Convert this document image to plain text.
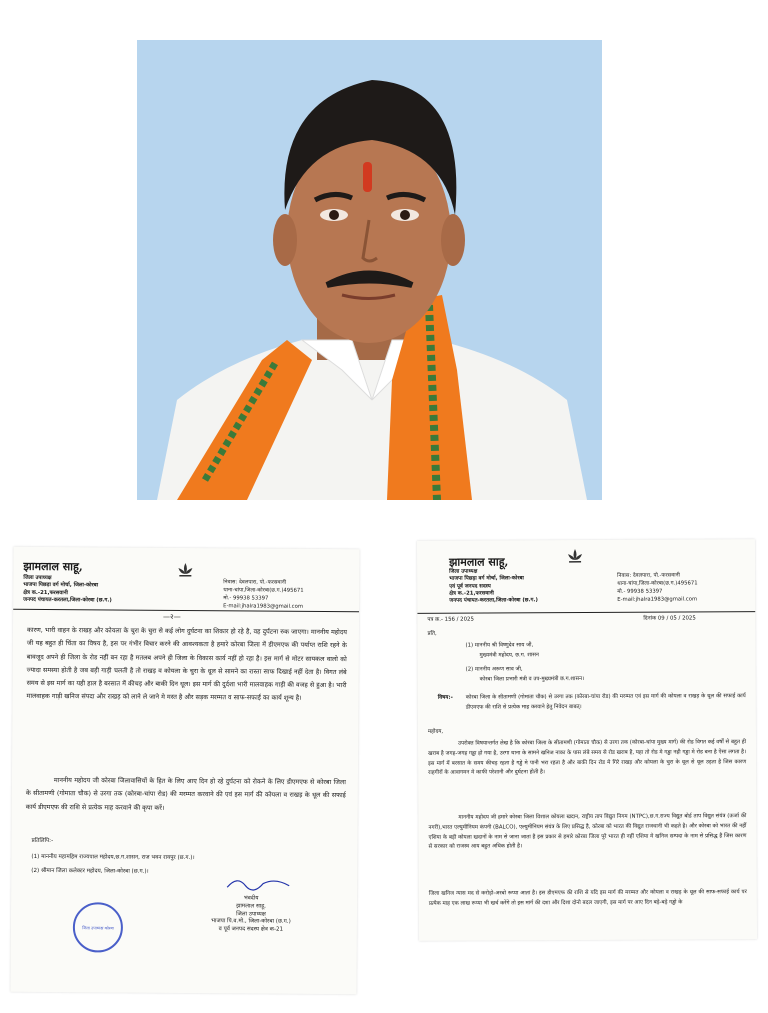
झामलाल साहू,
जिला उपाध्यक्ष
भाजपा पिछड़ा वर्ग मोर्चा, जिला-कोरबा
क्षेत्र क.-21,फरसवानी
जनपद पंचायत-करतला,जिला-कोरबा (छ.ग.)
निवास: देवलपारा, पो.-फरसवानी
थाना-चांपा,जिला-कोरबा(छ.ग.)495671
मो.- 99938 53397
E-mail:jhalra1983@gmail.com
—२—
कारण, भारी वाहन के राखड़ और कोयला के चुरा के चुरा से कई लोग दुर्घटना का शिकार हो रहे है, वह दुर्घटना रुक जाएगा। माननीय महोदय जी यह बहुत ही चिंता का विषय है, इस पर गंभीर विचार करने की आवश्यकता है हमारे कोरबा जिला में डीएमएफ की पर्याप्त राशि रहने के बावजूद अपने ही जिला के रोड नहीं बन रहा है मतलब अपने ही जिला के विकास कार्य नहीं हो रहा है। इस मार्ग से मोटर सायकल वालो को ज्यादा समस्या होती है जब बड़ी गाड़ी चलती है तो राखड़ व कोयला के चुरा के धूल से सामने का रास्ता साफ दिखाई नहीं देता है। विगत लंबे समय से इस मार्ग का यही हाल है बरसात में कीचड़ और बाकी दिन धूल। इस मार्ग की दुर्दशा भारी मालवाहक गाड़ी की वजह से हुआ है। भारी मालवाहक गाड़ी खनिज संपदा और राखड़ को लाने ले जाने मे मस्त है और सड़क मरम्मत व साफ-सफाई का कार्य शून्य है।
माननीय महोदय जी कोरबा जिलावासियों के हित के लिए आए दिन हो रहे दुर्घटना को रोकने के लिए डीएमएफ से कोरबा जिला के सीतामणी (गोमाता चौक) से उरगा तक (कोरबा-चांपा रोड) की मरम्मत करवाने की एवं इस मार्ग की कोयला व राखड़ के धूल की सफाई कार्य डीएमएफ की राशि से प्रत्येक माह करवाने की कृपा करें।
प्रतिलिपि:-
(1) माननीय महामहिम राज्यपाल महोदय,छ.ग.शासन, राज भवन रायपुर (छ.ग.)।
(2) श्रीमान जिला कलेक्टर महोदय, जिला-कोरबा (छ.ग.)।
भवदीय
झामलाल साहू,
जिला उपाध्यक्ष
भाजपा पि.व.मो., जिला-कोरबा (छ.ग.)
व पूर्व जनपद सदस्य क्षेत्र क-21
जिला उपाध्यक्ष कोरबा
झामलाल साहू,
जिला उपाध्यक्ष
भाजपा पिछड़ा वर्ग मोर्चा, जिला-कोरबा
एवं पूर्व जनपद सदस्य
क्षेत्र क.-21,फरसवानी
जनपद पंचायत-करतला,जिला-कोरबा (छ.ग.)
निवास: देवलपारा, पो.-फरसवानी
थाना-चांपा,जिला-कोरबा(छ.ग.)495671
मो.- 99938 53397
E-mail:jhalra1983@gmail.com
पत्र क्र.- 156 / 2025	दिनांक 09 / 05 / 2025
प्रति,
(1) माननीय श्री विष्णुदेव साय जी,
मुख्यमंत्री महोदय, छ.ग. शासन
(2) माननीय अरूण साव जी,
कोरबा जिला प्रभारी मंत्री व उप-मुख्यमंत्री छ.ग.शासन।
विषय:- कोरबा जिला के सीतामणी (गोमाता चौक) से उरगा तक (कोरबा-चांपा रोड) की मरम्मत एवं इस मार्ग की कोयला व राखड़ के धूल की सफाई कार्य डीएमएफ की राशि से प्रत्येक माह करवाने हेतु निवेदन बाबत्।
महोदय,
उपरोक्त विषयान्तर्गत लेख है कि कोरबा जिला के सीतामणी (गोमाता चौक) से उरगा तक (कोरबा-चांपा मुख्य मार्ग) की रोड विगत कई वर्षों से बहुत ही खराब है जगह-जगह गड्ढा हो गया है, उरगा थाना के सामने खनिज नाका के पास लंबे समय से रोड खराब है, यहा तो रोड मे गड्ढा नही गड्ढा मे रोड बना है ऐसा लगता है। इस मार्ग में बरसात के समय कीचड़ रहता है गड्ढे मे पानी भरा रहता है और बाकी दिन रोड मे गिरे राखड़ और कोयला के चुरा के धूल से धूल उड़ता है जिस कारण राहगीरों के आवागमन मे काफी परेशानी और दुर्घटना होती है।
माननीय महोदय जी हमारे कोरबा जिला विशाल कोयला खदान, राष्ट्रीय ताप विद्युत निगम (NTPC),छ.ग.राज्य विद्युत बोर्ड ताप विद्युत संयंत्र (ऊर्जा की नगरी),भारत एल्युमीनियम कंपनी (BALCO), एल्युमीनियम संयंत्र के लिए प्रसिद्ध है, कोरबा को भारत की विद्युत राजधानी भी कहते है। और कोरबा को भारत की नहीं एशिया के बड़ी कोयला खदानों के नाम से जाना जाता है इस प्रकार से हमारे कोरबा जिला पूरे भारत ही नहीं एशिया मे खनिज सम्पदा के नाम से प्रसिद्ध है जिस कारण से सरकार को राजस्व आय बहुत अधिक होती है।
जिला खनिज न्यास मद से करोड़ो-अरबो रूप्या आता है। इस डीएमएफ की राशि से यदि इस मार्ग की मरम्मत और कोयला व राखड़ के धूल की साफ-सफाई कार्य पर प्रत्येक माह एक लाख रूप्या भी खर्च करेंगे तो इस मार्ग की दशा और दिशा दोनो बदल जाएगी, इस मार्ग पर आए दिन बड़े-बड़े गड्ढो के
